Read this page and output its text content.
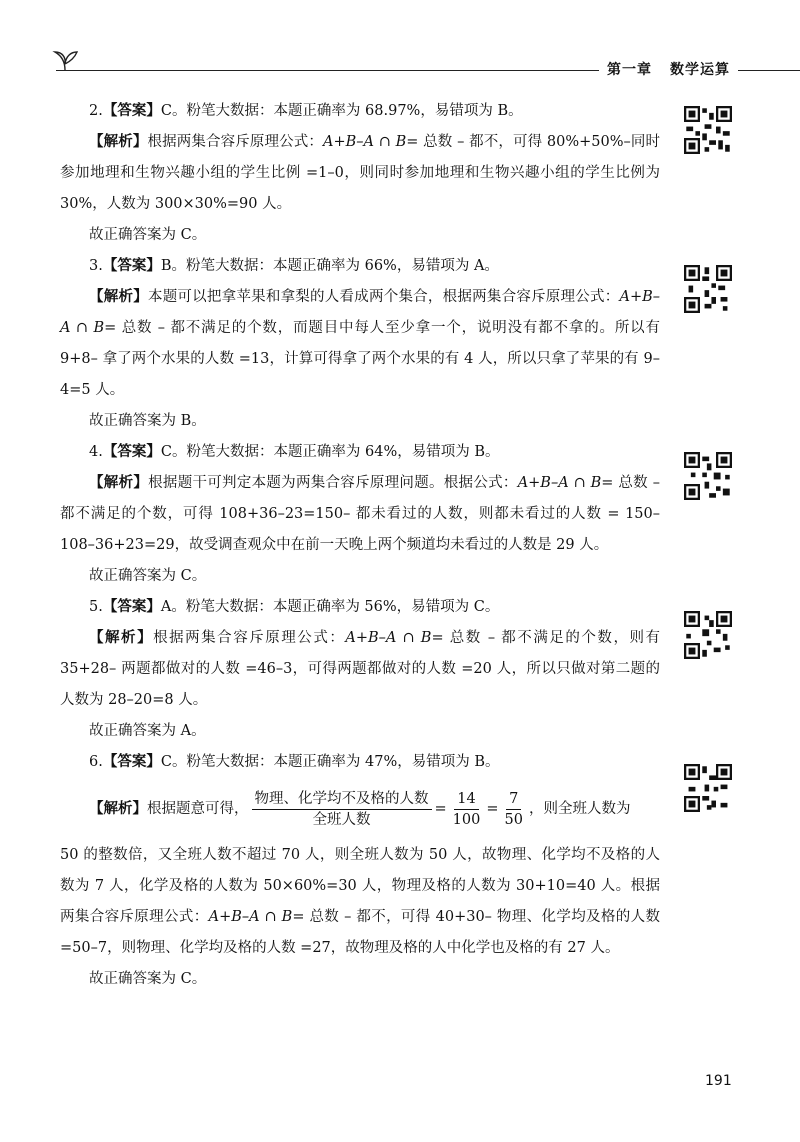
第一章 数学运算

2.【答案】C。粉笔大数据：本题正确率为 68.97%，易错项为 B。

【解析】根据两集合容斥原理公式：A+B–A ∩ B= 总数 – 都不，可得 80%+50%–同时参加地理和生物兴趣小组的学生比例 =1–0，则同时参加地理和生物兴趣小组的学生比例为 30%，人数为 300×30%=90 人。

故正确答案为 C。

3.【答案】B。粉笔大数据：本题正确率为 66%，易错项为 A。

【解析】本题可以把拿苹果和拿梨的人看成两个集合，根据两集合容斥原理公式：A+B–A ∩ B= 总数 – 都不满足的个数，而题目中每人至少拿一个，说明没有都不拿的。所以有 9+8– 拿了两个水果的人数 =13，计算可得拿了两个水果的有 4 人，所以只拿了苹果的有 9–4=5 人。

故正确答案为 B。

4.【答案】C。粉笔大数据：本题正确率为 64%，易错项为 B。

【解析】根据题干可判定本题为两集合容斥原理问题。根据公式：A+B–A ∩ B= 总数 – 都不满足的个数，可得 108+36–23=150– 都未看过的人数，则都未看过的人数 = 150–108–36+23=29，故受调查观众中在前一天晚上两个频道均未看过的人数是 29 人。

故正确答案为 C。

5.【答案】A。粉笔大数据：本题正确率为 56%，易错项为 C。

【解析】根据两集合容斥原理公式：A+B–A ∩ B= 总数 – 都不满足的个数，则有 35+28– 两题都做对的人数 =46–3，可得两题都做对的人数 =20 人，所以只做对第二题的人数为 28–20=8 人。

故正确答案为 A。

6.【答案】C。粉笔大数据：本题正确率为 47%，易错项为 B。

【解析】 根据题意可得， $\frac{\text{物理、化学均不及格的人数}}{\text{全班人数}} = \frac{14}{100} = \frac{7}{50}$ ，则全班人数为

50 的整数倍，又全班人数不超过 70 人，则全班人数为 50 人，故物理、化学均不及格的人数为 7 人，化学及格的人数为 50×60%=30 人，物理及格的人数为 30+10=40 人。根据两集合容斥原理公式：A+B–A ∩ B= 总数 – 都不，可得 40+30– 物理、化学均及格的人数 =50–7，则物理、化学均及格的人数 =27，故物理及格的人中化学也及格的有 27 人。

故正确答案为 C。

191
